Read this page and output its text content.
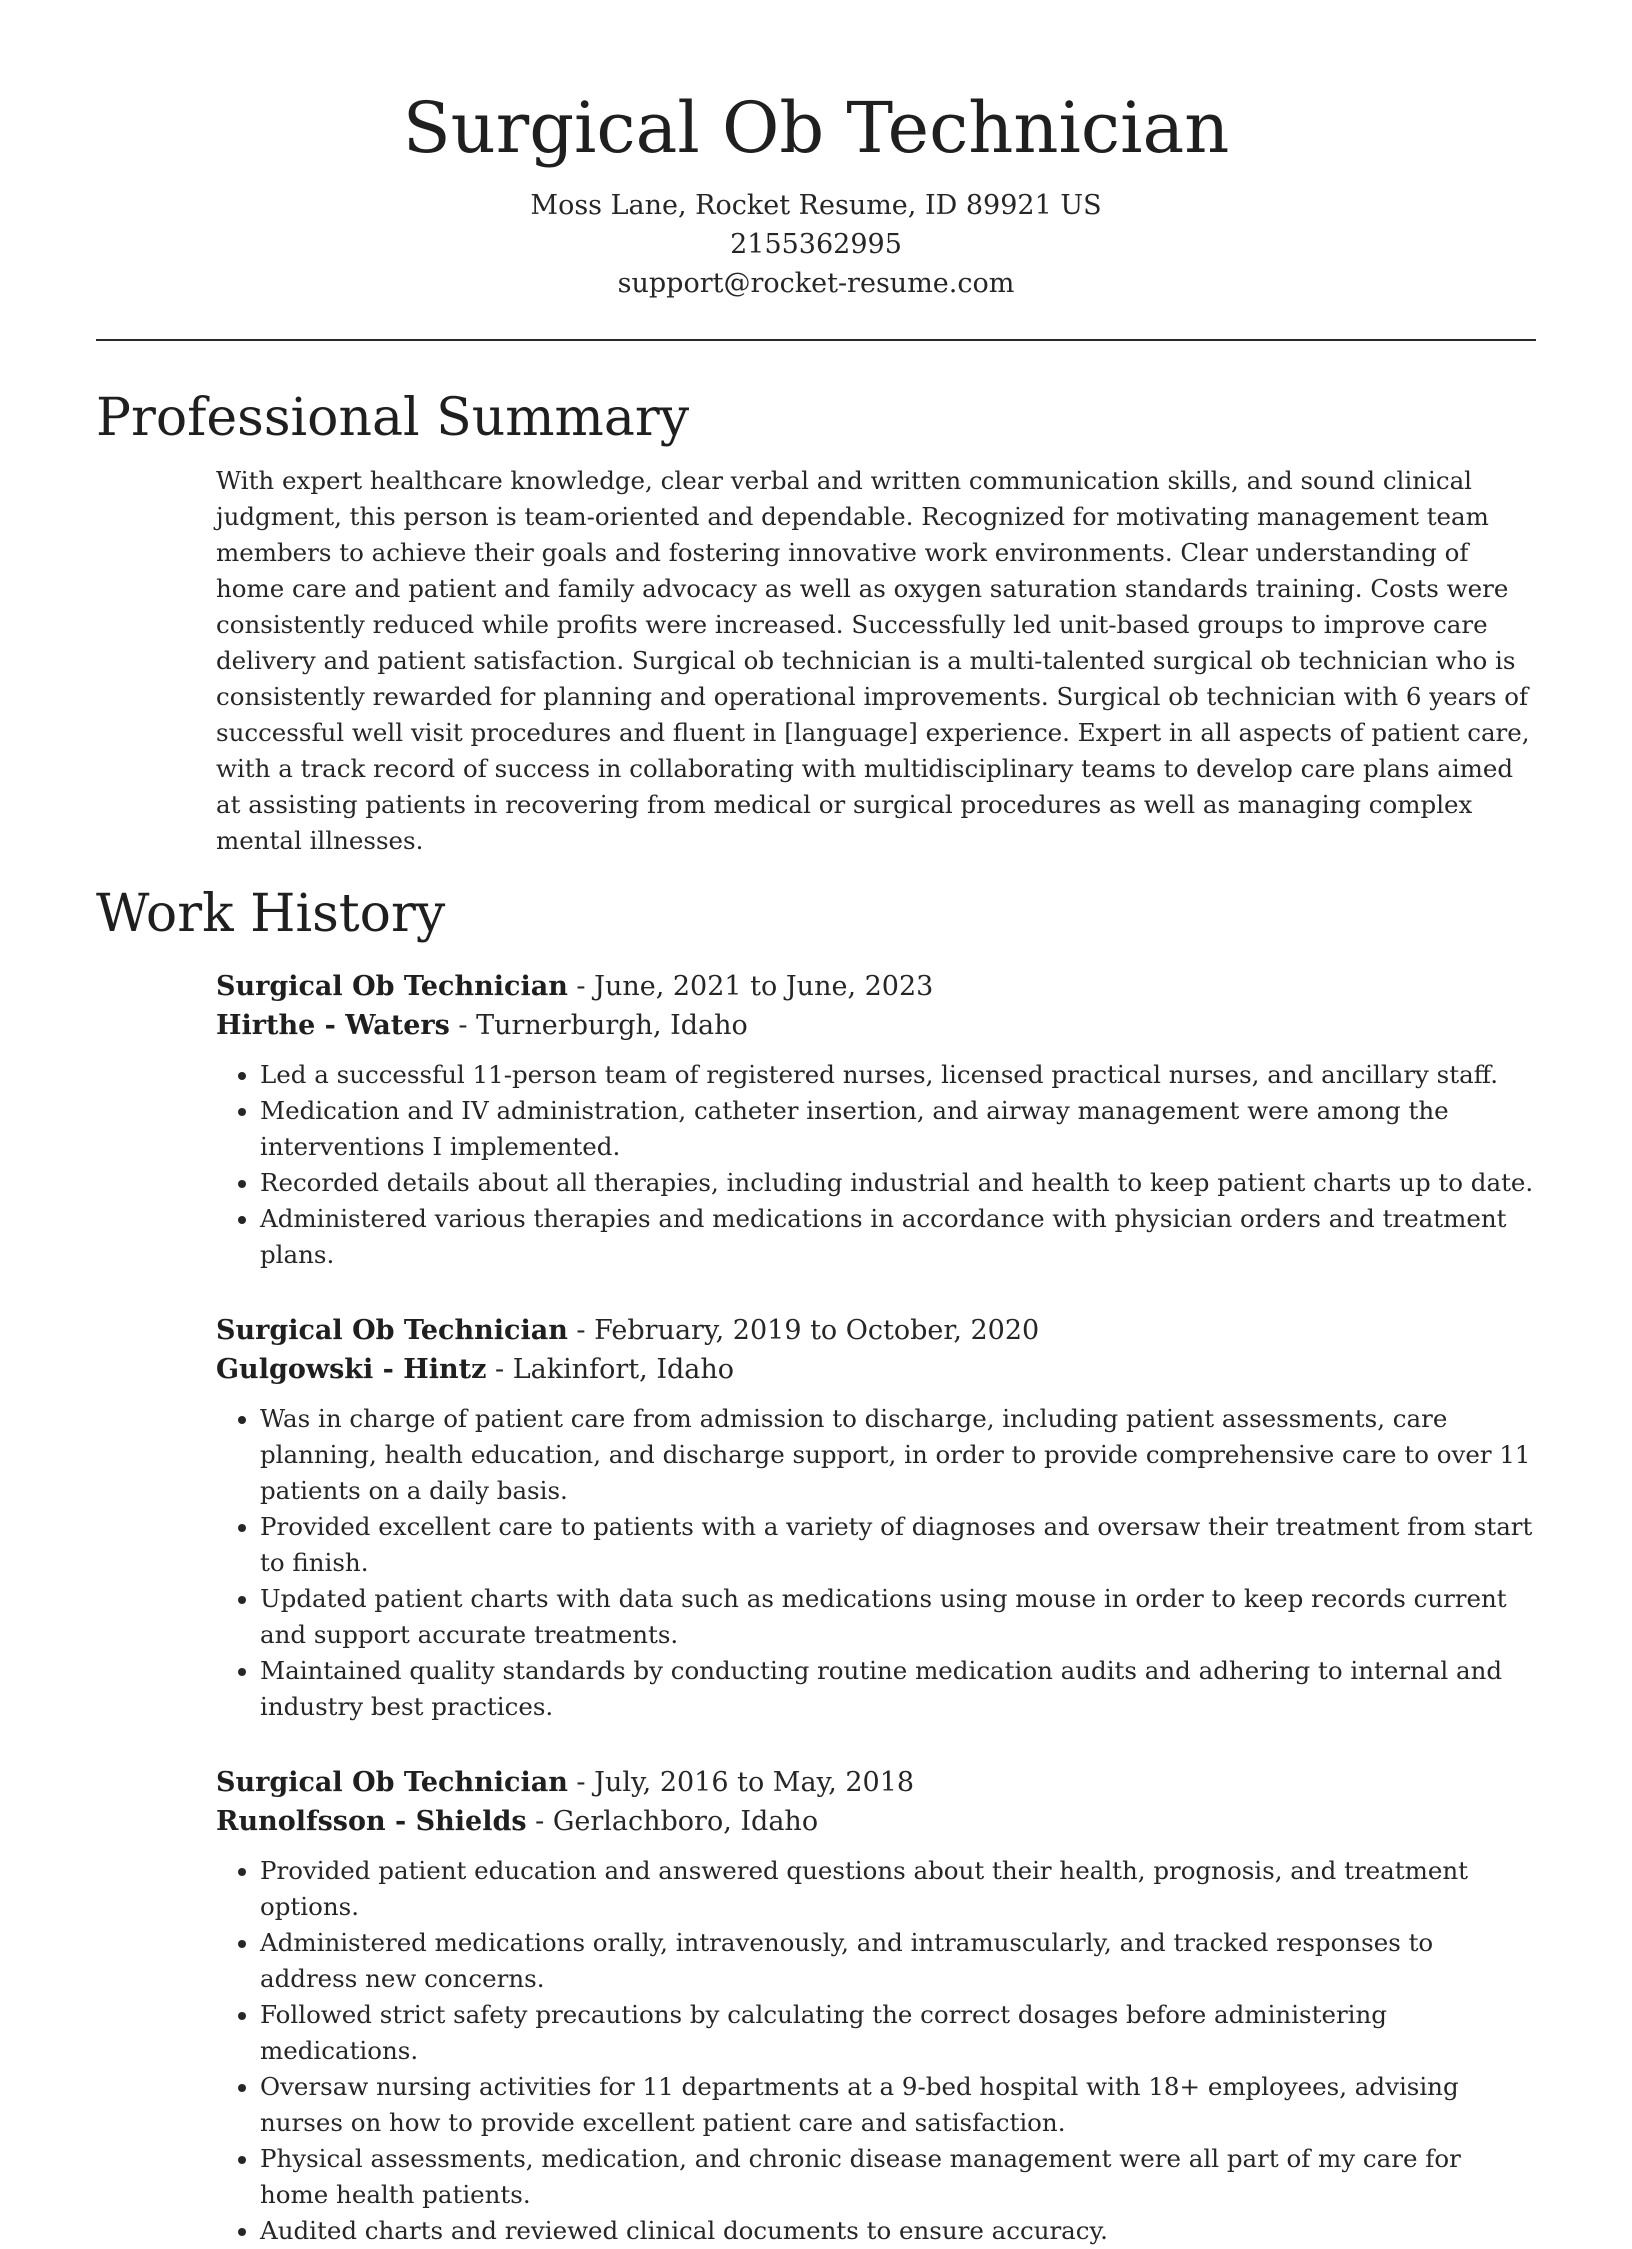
Surgical Ob Technician
Moss Lane, Rocket Resume, ID 89921 US
2155362995
support@rocket-resume.com
Professional Summary

With expert healthcare knowledge, clear verbal and written communication skills, and sound clinical judgment, this person is team-oriented and dependable. Recognized for motivating management team members to achieve their goals and fostering innovative work environments. Clear understanding of home care and patient and family advocacy as well as oxygen saturation standards training. Costs were consistently reduced while profits were increased. Successfully led unit-based groups to improve care delivery and patient satisfaction. Surgical ob technician is a multi-talented surgical ob technician who is consistently rewarded for planning and operational improvements. Surgical ob technician with 6 years of successful well visit procedures and fluent in [language] experience. Expert in all aspects of patient care, with a track record of success in collaborating with multidisciplinary teams to develop care plans aimed at assisting patients in recovering from medical or surgical procedures as well as managing complex mental illnesses.

Work History
Surgical Ob Technician - June, 2021 to June, 2023
Hirthe - Waters - Turnerburgh, Idaho
• Led a successful 11-person team of registered nurses, licensed practical nurses, and ancillary staff.
• Medication and IV administration, catheter insertion, and airway management were among the interventions I implemented.
• Recorded details about all therapies, including industrial and health to keep patient charts up to date.
• Administered various therapies and medications in accordance with physician orders and treatment plans.
Surgical Ob Technician - February, 2019 to October, 2020
Gulgowski - Hintz - Lakinfort, Idaho
• Was in charge of patient care from admission to discharge, including patient assessments, care planning, health education, and discharge support, in order to provide comprehensive care to over 11 patients on a daily basis.
• Provided excellent care to patients with a variety of diagnoses and oversaw their treatment from start to finish.
• Updated patient charts with data such as medications using mouse in order to keep records current and support accurate treatments.
• Maintained quality standards by conducting routine medication audits and adhering to internal and industry best practices.
Surgical Ob Technician - July, 2016 to May, 2018
Runolfsson - Shields - Gerlachboro, Idaho
• Provided patient education and answered questions about their health, prognosis, and treatment options.
• Administered medications orally, intravenously, and intramuscularly, and tracked responses to address new concerns.
• Followed strict safety precautions by calculating the correct dosages before administering medications.
• Oversaw nursing activities for 11 departments at a 9-bed hospital with 18+ employees, advising nurses on how to provide excellent patient care and satisfaction.
• Physical assessments, medication, and chronic disease management were all part of my care for home health patients.
• Audited charts and reviewed clinical documents to ensure accuracy.
